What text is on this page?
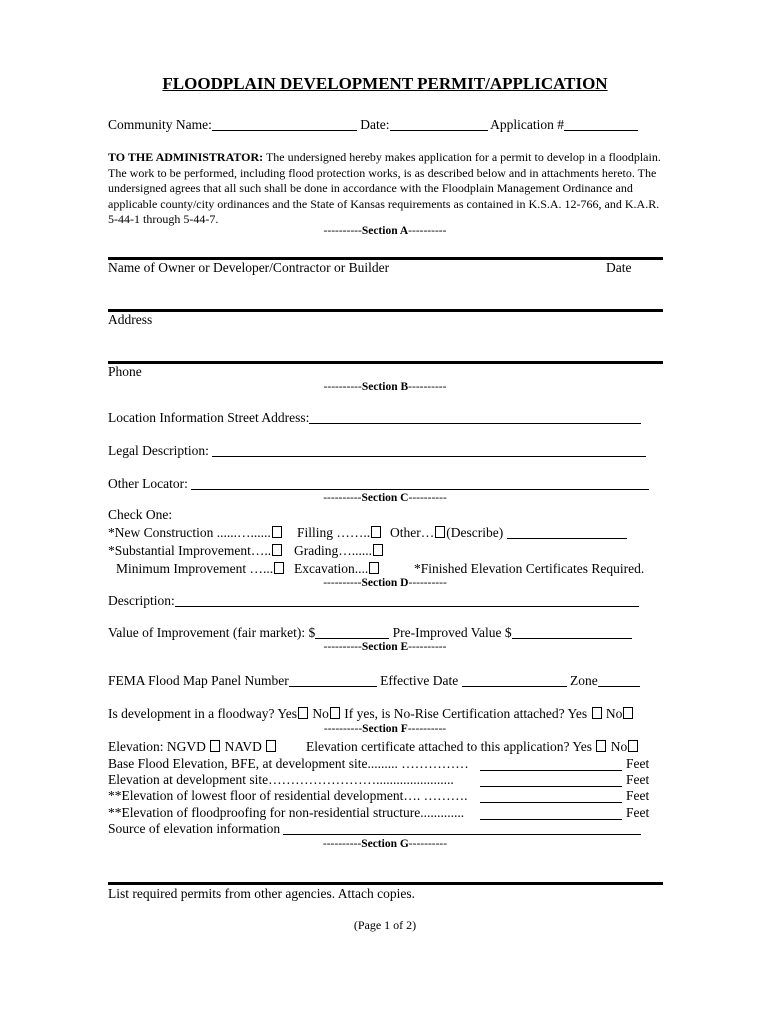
FLOODPLAIN DEVELOPMENT PERMIT/APPLICATION
Community Name:	Date:	Application #
TO THE ADMINISTRATOR: The undersigned hereby makes application for a permit to develop in a floodplain. The work to be performed, including flood protection works, is as described below and in attachments hereto. The undersigned agrees that all such shall be done in accordance with the Floodplain Management Ordinance and applicable county/city ordinances and the State of Kansas requirements as contained in K.S.A. 12-766, and K.A.R. 5-44-1 through 5-44-7.
----------Section A----------
Name of Owner or Developer/Contractor or Builder	Date
Address
Phone
----------Section B----------
Location Information Street Address:
Legal Description:
Other Locator:
----------Section C----------
Check One:
*New Construction ......…......	Filling ……..	Other… (Describe)
*Substantial Improvement…..	Grading…......
Minimum Improvement …...	Excavation....	*Finished Elevation Certificates Required.
----------Section D----------
Description:
Value of Improvement (fair market): $	Pre-Improved Value $
----------Section E----------
FEMA Flood Map Panel Number	Effective Date	Zone
Is development in a floodway? Yes No If yes, is No-Rise Certification attached? Yes No
----------Section F----------
Elevation: NGVD NAVD	Elevation certificate attached to this application? Yes No
Base Flood Elevation, BFE, at development site......... ……………	Feet
Elevation at development site…………………….......................	Feet
**Elevation of lowest floor of residential development…. ……….	Feet
**Elevation of floodproofing for non-residential structure.............	Feet
Source of elevation information
----------Section G----------
List required permits from other agencies. Attach copies.
(Page 1 of 2)
